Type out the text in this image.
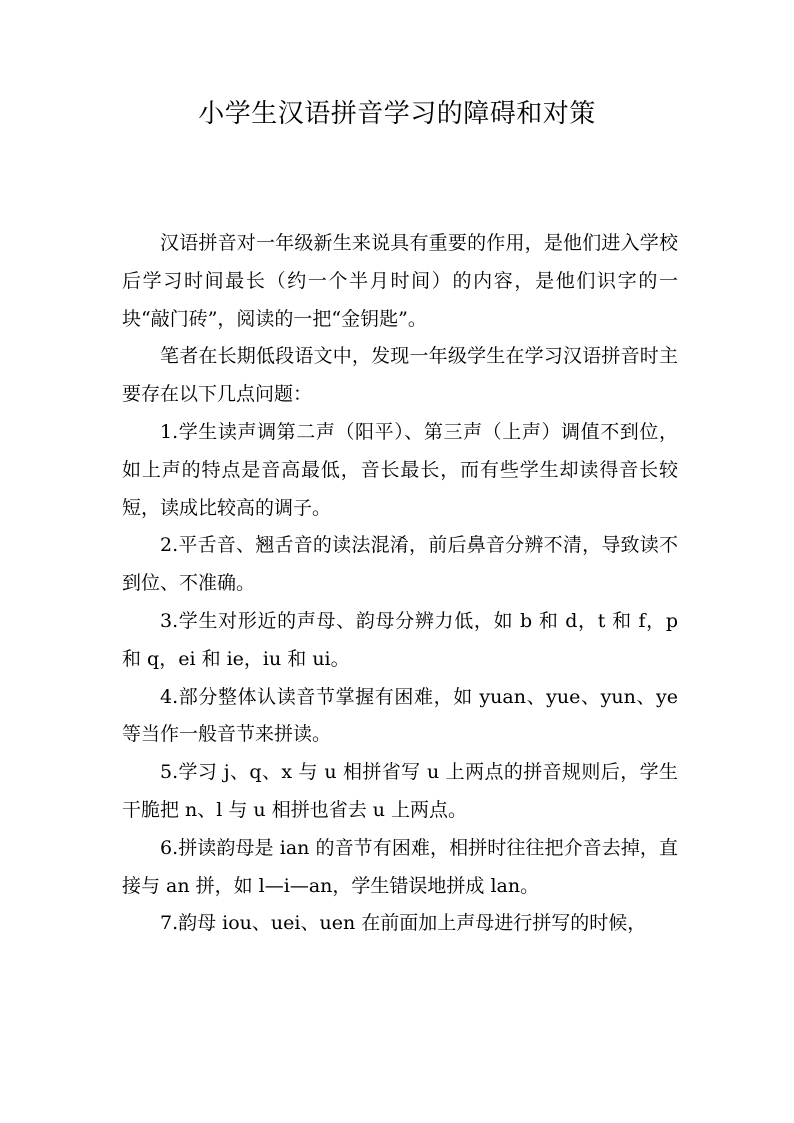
小学生汉语拼音学习的障碍和对策

汉语拼音对一年级新生来说具有重要的作用，是他们进入学校后学习时间最长（约一个半月时间）的内容，是他们识字的一块“敲门砖”，阅读的一把“金钥匙”。

笔者在长期低段语文中，发现一年级学生在学习汉语拼音时主要存在以下几点问题：

1.学生读声调第二声（阳平）、第三声（上声）调值不到位，如上声的特点是音高最低，音长最长，而有些学生却读得音长较短，读成比较高的调子。

2.平舌音、翘舌音的读法混淆，前后鼻音分辨不清，导致读不到位、不准确。

3.学生对形近的声母、韵母分辨力低，如 b 和 d，t 和 f，p 和 q，ei 和 ie，iu 和 ui。

4.部分整体认读音节掌握有困难，如 yuan、yue、yun、ye 等当作一般音节来拼读。

5.学习 j、q、x 与 u 相拼省写 u 上两点的拼音规则后，学生干脆把 n、l 与 u 相拼也省去 u 上两点。

6.拼读韵母是 ian 的音节有困难，相拼时往往把介音去掉，直接与 an 拼，如 l—i—an，学生错误地拼成 lan。

7.韵母 iou、uei、uen 在前面加上声母进行拼写的时候，
